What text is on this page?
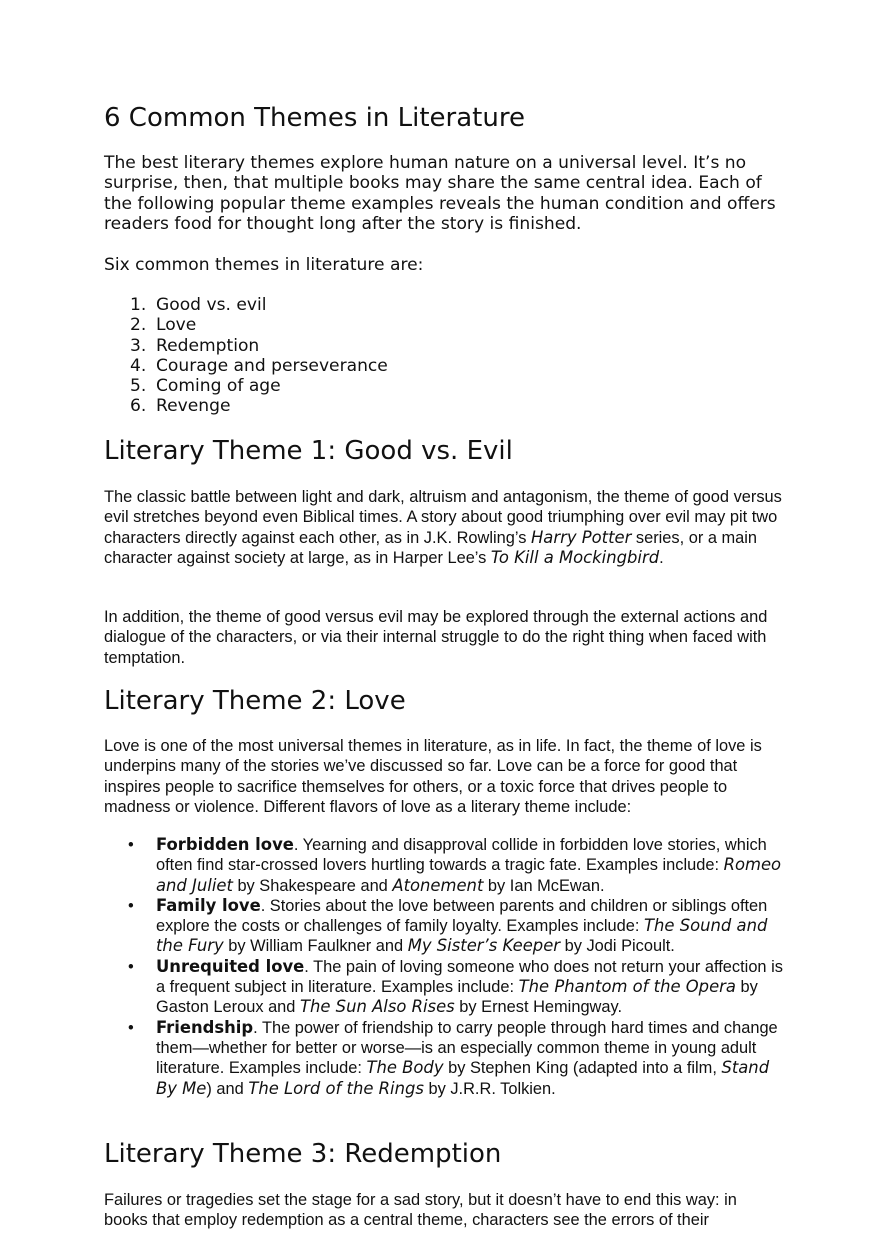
6 Common Themes in Literature

The best literary themes explore human nature on a universal level. It’s no surprise, then, that multiple books may share the same central idea. Each of the following popular theme examples reveals the human condition and offers readers food for thought long after the story is finished.

Six common themes in literature are:

1. Good vs. evil
2. Love
3. Redemption
4. Courage and perseverance
5. Coming of age
6. Revenge
Literary Theme 1: Good vs. Evil

The classic battle between light and dark, altruism and antagonism, the theme of good versus evil stretches beyond even Biblical times. A story about good triumphing over evil may pit two characters directly against each other, as in J.K. Rowling’s Harry Potter series, or a main character against society at large, as in Harper Lee’s To Kill a Mockingbird.

In addition, the theme of good versus evil may be explored through the external actions and dialogue of the characters, or via their internal struggle to do the right thing when faced with temptation.

Literary Theme 2: Love

Love is one of the most universal themes in literature, as in life. In fact, the theme of love is underpins many of the stories we’ve discussed so far. Love can be a force for good that inspires people to sacrifice themselves for others, or a toxic force that drives people to madness or violence. Different flavors of love as a literary theme include:

• Forbidden love. Yearning and disapproval collide in forbidden love stories, which often find star-crossed lovers hurtling towards a tragic fate. Examples include: Romeo and Juliet by Shakespeare and Atonement by Ian McEwan.
• Family love. Stories about the love between parents and children or siblings often explore the costs or challenges of family loyalty. Examples include: The Sound and the Fury by William Faulkner and My Sister’s Keeper by Jodi Picoult.
• Unrequited love. The pain of loving someone who does not return your affection is a frequent subject in literature. Examples include: The Phantom of the Opera by Gaston Leroux and The Sun Also Rises by Ernest Hemingway.
• Friendship. The power of friendship to carry people through hard times and change them—whether for better or worse—is an especially common theme in young adult literature. Examples include: The Body by Stephen King (adapted into a film, Stand By Me) and The Lord of the Rings by J.R.R. Tolkien.
Literary Theme 3: Redemption

Failures or tragedies set the stage for a sad story, but it doesn’t have to end this way: in books that employ redemption as a central theme, characters see the errors of their
